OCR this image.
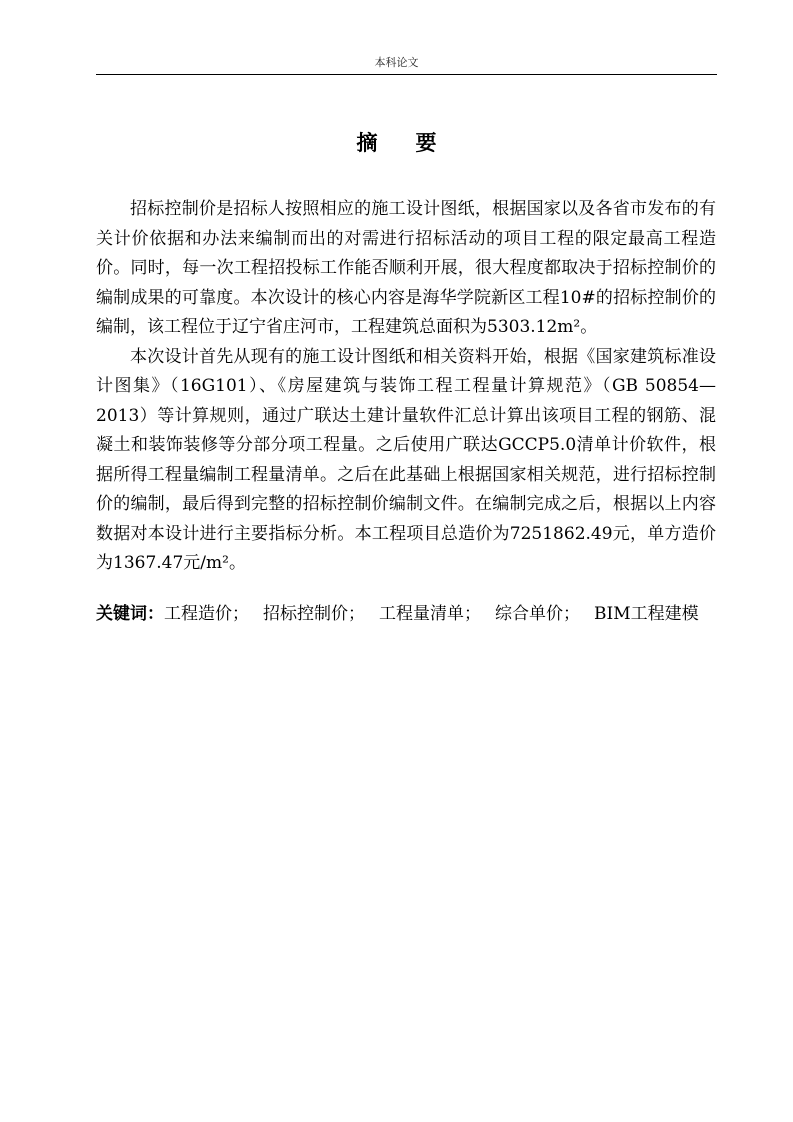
本科论文
摘要

招标控制价是招标人按照相应的施工设计图纸，根据国家以及各省市发布的有关计价依据和办法来编制而出的对需进行招标活动的项目工程的限定最高工程造价。同时，每一次工程招投标工作能否顺利开展，很大程度都取决于招标控制价的编制成果的可靠度。本次设计的核心内容是海华学院新区工程10#的招标控制价的编制，该工程位于辽宁省庄河市，工程建筑总面积为5303.12m²。

本次设计首先从现有的施工设计图纸和相关资料开始，根据《国家建筑标准设计图集》（16G101）、《房屋建筑与装饰工程工程量计算规范》（GB 50854—2013）等计算规则，通过广联达土建计量软件汇总计算出该项目工程的钢筋、混凝土和装饰装修等分部分项工程量。之后使用广联达GCCP5.0清单计价软件，根据所得工程量编制工程量清单。之后在此基础上根据国家相关规范，进行招标控制价的编制，最后得到完整的招标控制价编制文件。在编制完成之后，根据以上内容数据对本设计进行主要指标分析。本工程项目总造价为7251862.49元，单方造价为1367.47元/m²。

关键词：工程造价； 招标控制价； 工程量清单； 综合单价； BIM工程建模
